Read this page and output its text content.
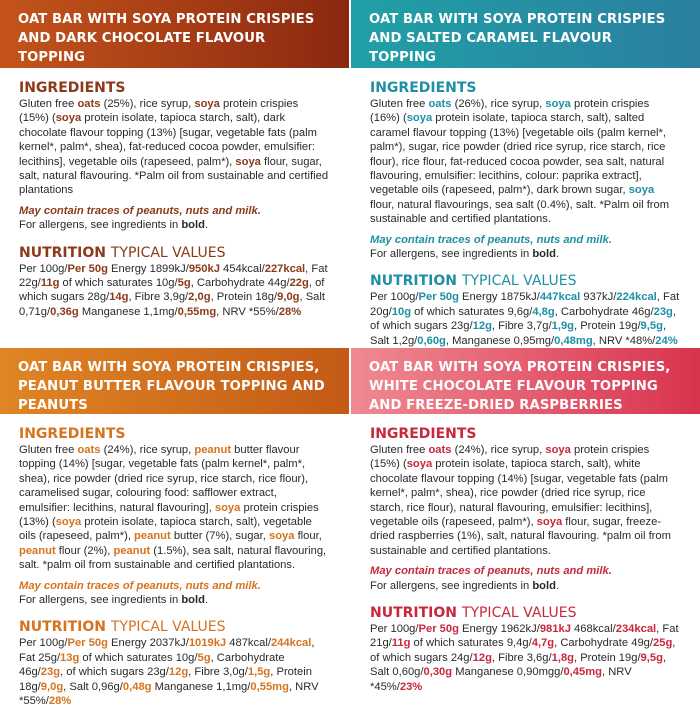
OAT BAR WITH SOYA PROTEIN CRISPIES AND DARK CHOCOLATE FLAVOUR TOPPING
INGREDIENTS
Gluten free oats (25%), rice syrup, soya protein crispies (15%) (soya protein isolate, tapioca starch, salt), dark chocolate flavour topping (13%) [sugar, vegetable fats (palm kernel*, palm*, shea), fat-reduced cocoa powder, emulsifier: lecithins], vegetable oils (rapeseed, palm*), soya flour, sugar, salt, natural flavouring. *Palm oil from sustainable and certified plantations
May contain traces of peanuts, nuts and milk.
For allergens, see ingredients in bold.
NUTRITION TYPICAL VALUES
Per 100g/Per 50g Energy 1899kJ/950kJ 454kcal/227kcal, Fat 22g/11g of which saturates 10g/5g, Carbohydrate 44g/22g, of which sugars 28g/14g, Fibre 3,9g/2,0g, Protein 18g/9,0g, Salt 0,71g/0,36g Manganese 1,1mg/0,55mg, NRV *55%/28%
OAT BAR WITH SOYA PROTEIN CRISPIES AND SALTED CARAMEL FLAVOUR TOPPING
INGREDIENTS
Gluten free oats (26%), rice syrup, soya protein crispies (16%) (soya protein isolate, tapioca starch, salt), salted caramel flavour topping (13%) [vegetable oils (palm kernel*, palm*), sugar, rice powder (dried rice syrup, rice starch, rice flour), rice flour, fat-reduced cocoa powder, sea salt, natural flavouring, emulsifier: lecithins, colour: paprika extract], vegetable oils (rapeseed, palm*), dark brown sugar, soya flour, natural flavourings, sea salt (0.4%), salt. *Palm oil from sustainable and certified plantations.
May contain traces of peanuts, nuts and milk.
For allergens, see ingredients in bold.
NUTRITION TYPICAL VALUES
Per 100g/Per 50g Energy 1875kJ/447kcal 937kJ/224kcal, Fat 20g/10g of which saturates 9,6g/4,8g, Carbohydrate 46g/23g, of which sugars 23g/12g, Fibre 3,7g/1,9g, Protein 19g/9,5g, Salt 1,2g/0,60g, Manganese 0,95mg/0,48mg, NRV *48%/24%
OAT BAR WITH SOYA PROTEIN CRISPIES, PEANUT BUTTER FLAVOUR TOPPING AND PEANUTS
INGREDIENTS
Gluten free oats (24%), rice syrup, peanut butter flavour topping (14%) [sugar, vegetable fats (palm kernel*, palm*, shea), rice powder (dried rice syrup, rice starch, rice flour), caramelised sugar, colouring food: safflower extract, emulsifier: lecithins, natural flavouring], soya protein crispies (13%) (soya protein isolate, tapioca starch, salt), vegetable oils (rapeseed, palm*), peanut butter (7%), sugar, soya flour, peanut flour (2%), peanut (1.5%), sea salt, natural flavouring, salt. *palm oil from sustainable and certified plantations.
May contain traces of peanuts, nuts and milk.
For allergens, see ingredients in bold.
NUTRITION TYPICAL VALUES
Per 100g/Per 50g Energy 2037kJ/1019kJ 487kcal/244kcal, Fat 25g/13g of which saturates 10g/5g, Carbohydrate 46g/23g, of which sugars 23g/12g, Fibre 3,0g/1,5g, Protein 18g/9,0g, Salt 0,96g/0,48g Manganese 1,1mg/0,55mg, NRV *55%/28%
OAT BAR WITH SOYA PROTEIN CRISPIES, WHITE CHOCOLATE FLAVOUR TOPPING AND FREEZE-DRIED RASPBERRIES
INGREDIENTS
Gluten free oats (24%), rice syrup, soya protein crispies (15%) (soya protein isolate, tapioca starch, salt), white chocolate flavour topping (14%) [sugar, vegetable fats (palm kernel*, palm*, shea), rice powder (dried rice syrup, rice starch, rice flour), natural flavouring, emulsifier: lecithins], vegetable oils (rapeseed, palm*), soya flour, sugar, freeze-dried raspberries (1%), salt, natural flavouring. *palm oil from sustainable and certified plantations.
May contain traces of peanuts, nuts and milk.
For allergens, see ingredients in bold.
NUTRITION TYPICAL VALUES
Per 100g/Per 50g Energy 1962kJ/981kJ 468kcal/234kcal, Fat 21g/11g of which saturates 9,4g/4,7g, Carbohydrate 49g/25g, of which sugars 24g/12g, Fibre 3,6g/1,8g, Protein 19g/9,5g, Salt 0,60g/0,30g Manganese 0,90mgg/0,45mg, NRV *45%/23%
